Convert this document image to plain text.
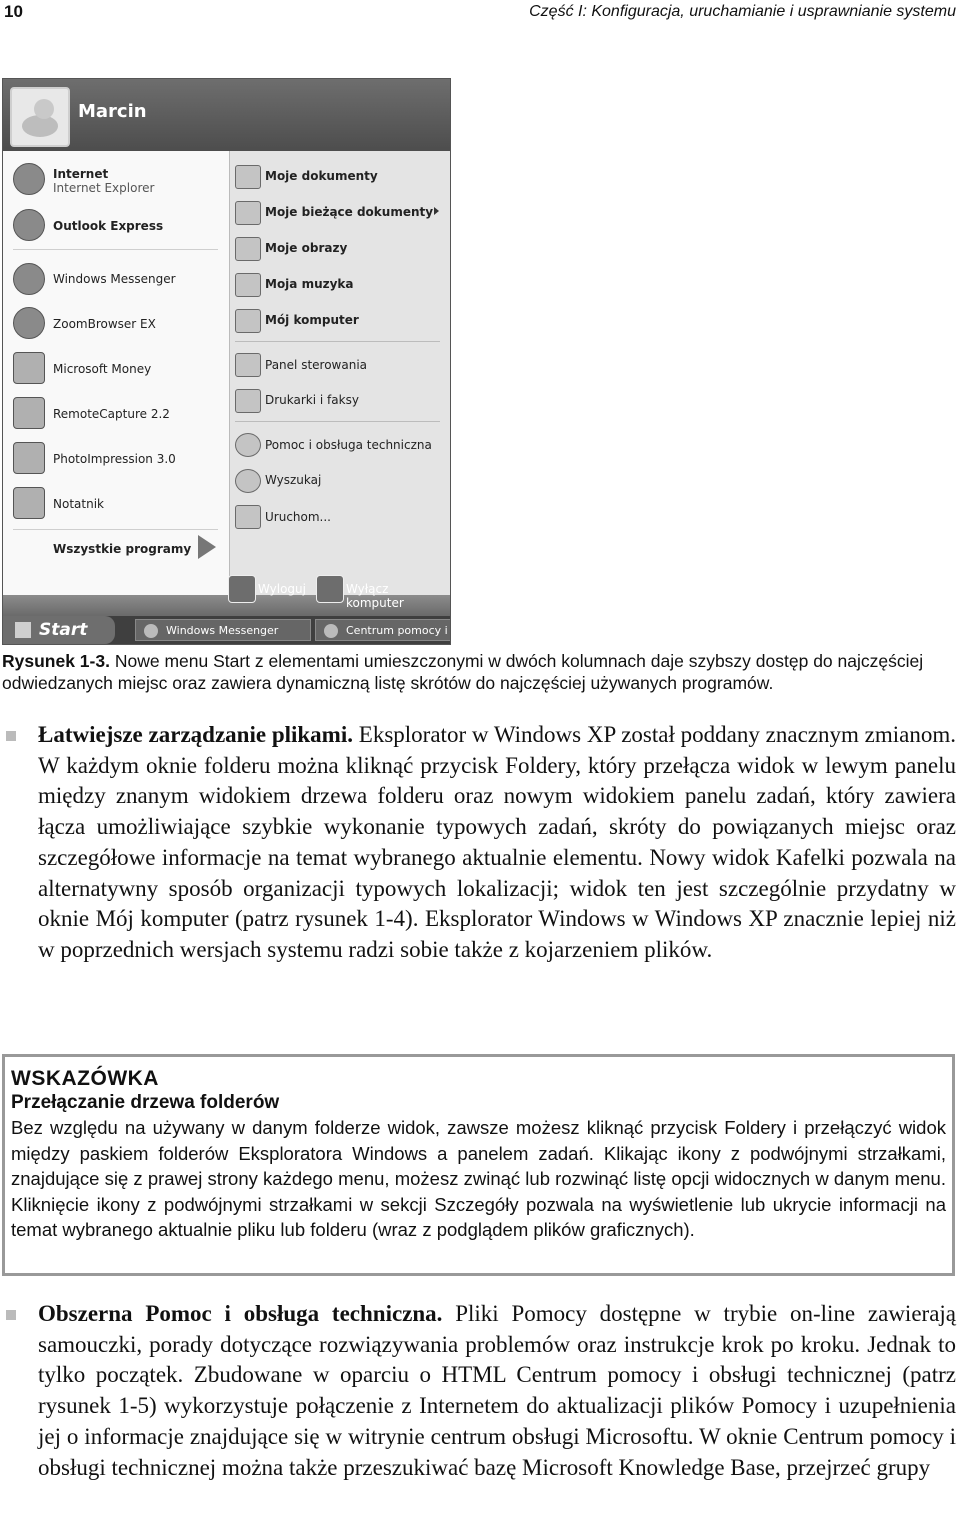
10	Część I: Konfiguracja, uruchamianie i usprawnianie systemu
Marcin
Internet
Internet Explorer
Outlook Express
Windows Messenger
ZoomBrowser EX
Microsoft Money
RemoteCapture 2.2
PhotoImpression 3.0
Notatnik
Wszystkie programy
Moje dokumenty
Moje bieżące dokumenty
Moje obrazy
Moja muzyka
Mój komputer
Panel sterowania
Drukarki i faksy
Pomoc i obsługa techniczna
Wyszukaj
Uruchom...
Wyloguj	Wyłącz komputer
Start	Windows Messenger	Centrum pomocy i
Rysunek 1-3. Nowe menu Start z elementami umieszczonymi w dwóch kolumnach daje szybszy dostęp do najczęściej odwiedzanych miejsc oraz zawiera dynamiczną listę skrótów do najczęściej używanych programów.
Łatwiejsze zarządzanie plikami. Eksplorator w Windows XP został poddany znacznym zmianom. W każdym oknie folderu można kliknąć przycisk Foldery, który przełącza widok w lewym panelu między znanym widokiem drzewa folderu oraz nowym widokiem panelu zadań, który zawiera łącza umożliwiające szybkie wykonanie typowych zadań, skróty do powiązanych miejsc oraz szczegółowe informacje na temat wybranego aktualnie elementu. Nowy widok Kafelki pozwala na alternatywny sposób organizacji typowych lokalizacji; widok ten jest szczególnie przydatny w oknie Mój komputer (patrz rysunek 1-4). Eksplorator Windows w Windows XP znacznie lepiej niż w poprzednich wersjach systemu radzi sobie także z kojarzeniem plików.
WSKAZÓWKA
Przełączanie drzewa folderów
Bez względu na używany w danym folderze widok, zawsze możesz kliknąć przycisk Foldery i przełączyć widok między paskiem folderów Eksploratora Windows a panelem zadań. Klikając ikony z podwójnymi strzałkami, znajdujące się z prawej strony każdego menu, możesz zwinąć lub rozwinąć listę opcji widocznych w danym menu. Kliknięcie ikony z podwójnymi strzałkami w sekcji Szczegóły pozwala na wyświetlenie lub ukrycie informacji na temat wybranego aktualnie pliku lub folderu (wraz z podglądem plików graficznych).
Obszerna Pomoc i obsługa techniczna. Pliki Pomocy dostępne w trybie on-line zawierają samouczki, porady dotyczące rozwiązywania problemów oraz instrukcje krok po kroku. Jednak to tylko początek. Zbudowane w oparciu o HTML Centrum pomocy i obsługi technicznej (patrz rysunek 1-5) wykorzystuje połączenie z Internetem do aktualizacji plików Pomocy i uzupełnienia jej o informacje znajdujące się w witrynie centrum obsługi Microsoftu. W oknie Centrum pomocy i obsługi technicznej można także przeszukiwać bazę Microsoft Knowledge Base, przejrzeć grupy
